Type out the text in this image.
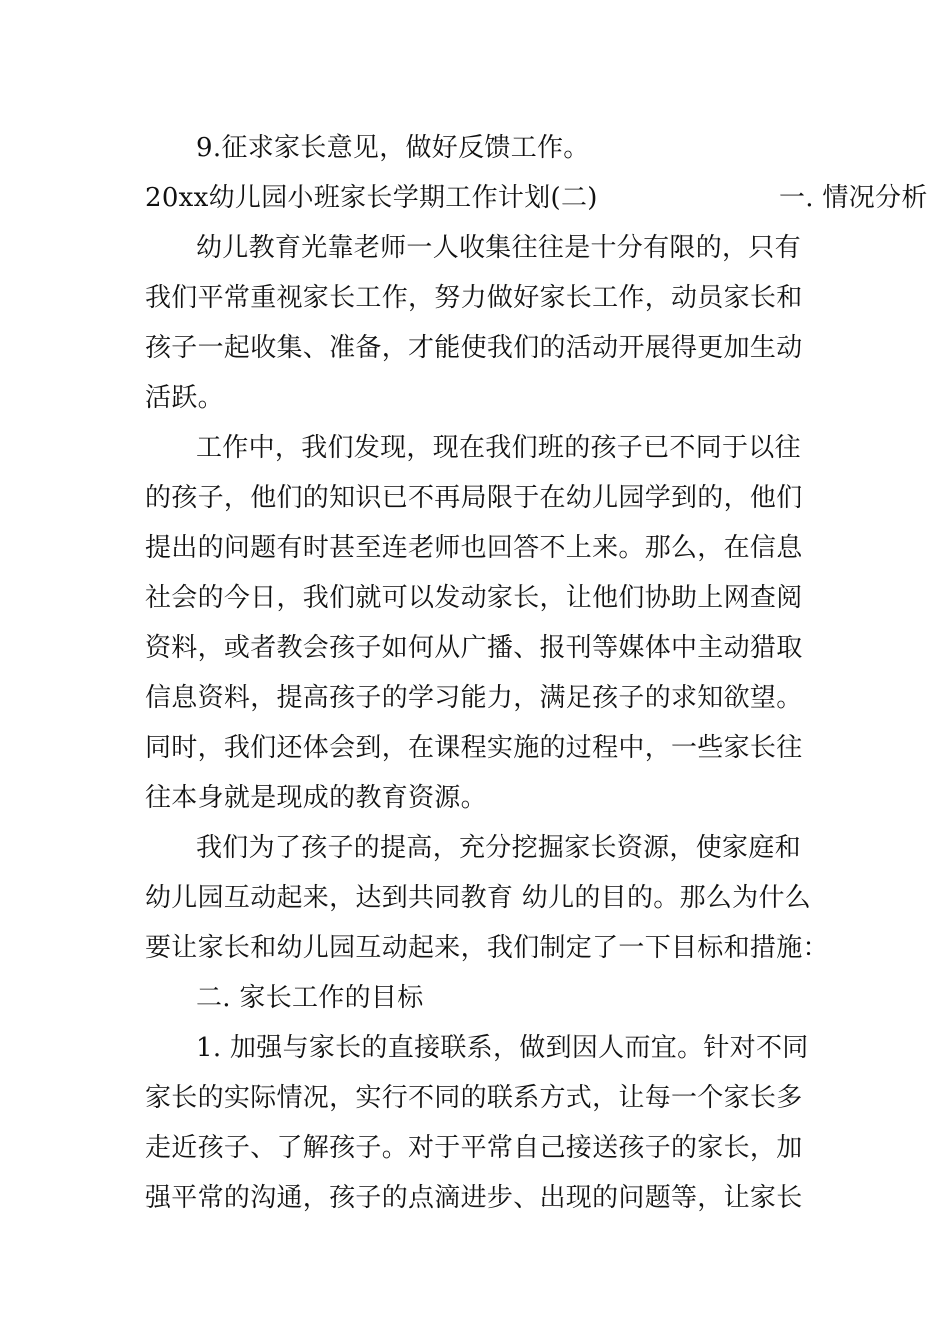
9.征求家长意见，做好反馈工作。
20xx幼儿园小班家长学期工作计划(二)	一. 情况分析
幼儿教育光靠老师一人收集往往是十分有限的，只有
我们平常重视家长工作，努力做好家长工作，动员家长和
孩子一起收集、准备，才能使我们的活动开展得更加生动
活跃。
工作中，我们发现，现在我们班的孩子已不同于以往
的孩子，他们的知识已不再局限于在幼儿园学到的，他们
提出的问题有时甚至连老师也回答不上来。那么，在信息
社会的今日，我们就可以发动家长，让他们协助上网查阅
资料，或者教会孩子如何从广播、报刊等媒体中主动猎取
信息资料，提高孩子的学习能力，满足孩子的求知欲望。
同时，我们还体会到，在课程实施的过程中，一些家长往
往本身就是现成的教育资源。
我们为了孩子的提高，充分挖掘家长资源，使家庭和
幼儿园互动起来，达到共同教育 幼儿的目的。那么为什么
要让家长和幼儿园互动起来，我们制定了一下目标和措施：
二. 家长工作的目标
1. 加强与家长的直接联系，做到因人而宜。针对不同
家长的实际情况，实行不同的联系方式，让每一个家长多
走近孩子、了解孩子。对于平常自己接送孩子的家长，加
强平常的沟通，孩子的点滴进步、出现的问题等，让家长
